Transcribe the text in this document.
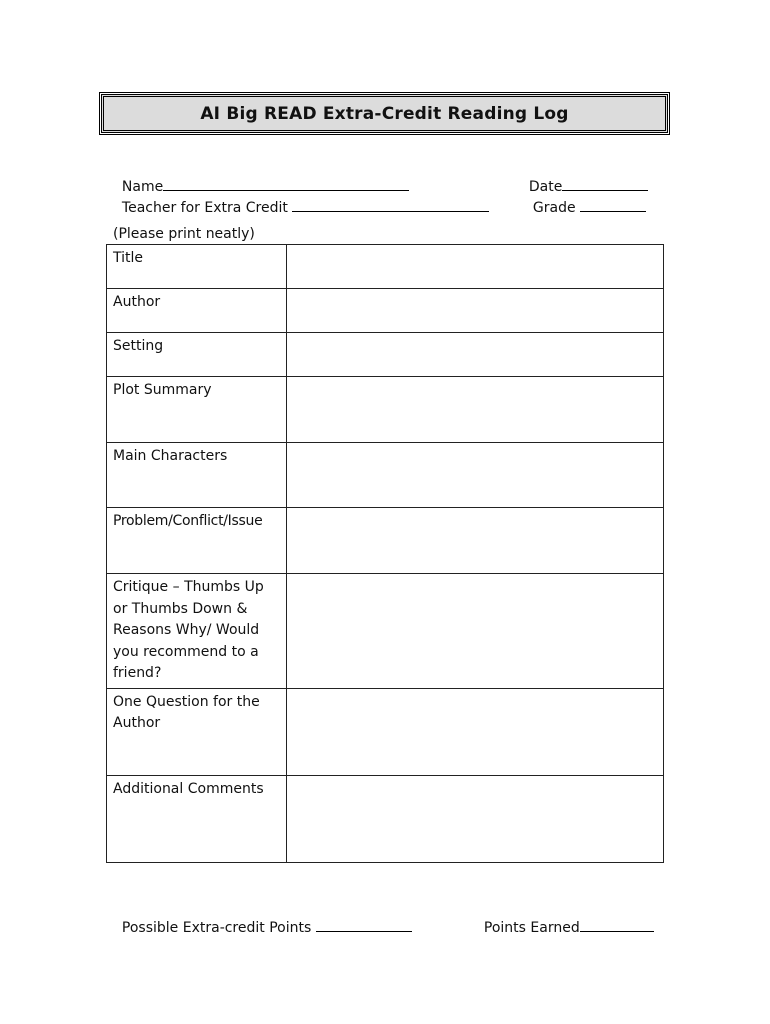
AI Big READ Extra-Credit Reading Log

Name	Date

Teacher for Extra Credit	Grade

(Please print neatly)
Title	
Author	
Setting	
Plot Summary	
Main Characters	
Problem/Conflict/Issue	
Critique – Thumbs Up or Thumbs Down & Reasons Why/ Would you recommend to a friend?	
One Question for the Author	
Additional Comments	

Possible Extra-credit Points	Points Earned
